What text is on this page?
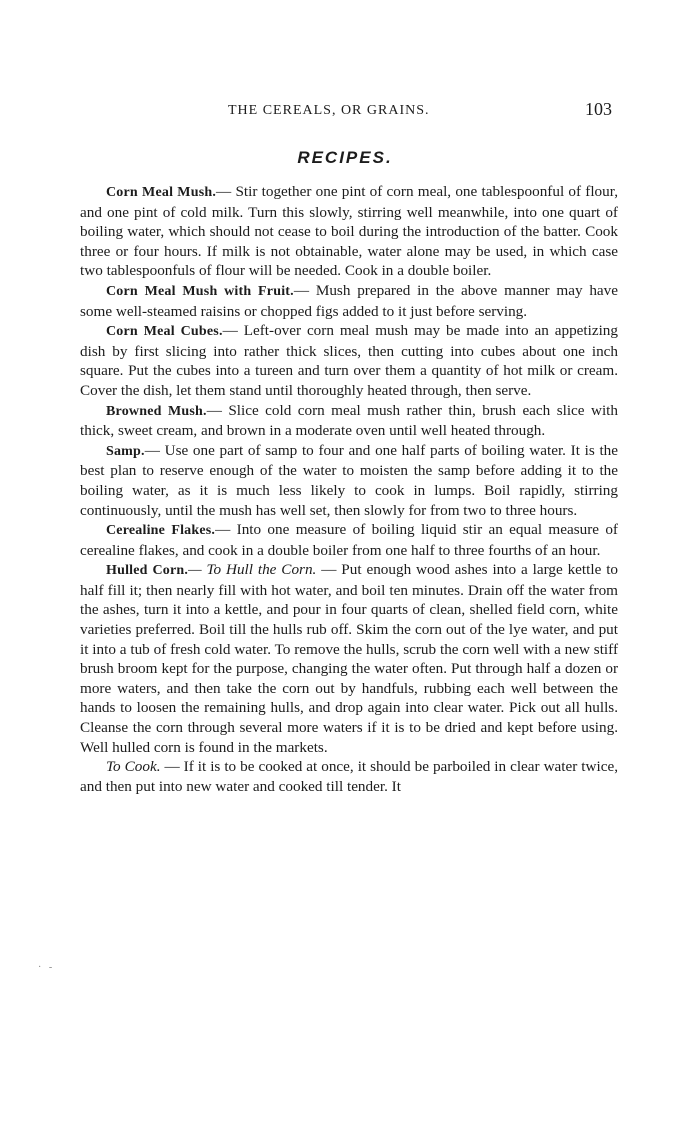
THE CEREALS, OR GRAINS.	103
RECIPES.

Corn Meal Mush.— Stir together one pint of corn meal, one tablespoonful of flour, and one pint of cold milk. Turn this slowly, stirring well meanwhile, into one quart of boiling water, which should not cease to boil during the introduction of the batter. Cook three or four hours. If milk is not obtainable, water alone may be used, in which case two tablespoonfuls of flour will be needed. Cook in a double boiler.

Corn Meal Mush with Fruit.— Mush prepared in the above manner may have some well-steamed raisins or chopped figs added to it just before serving.

Corn Meal Cubes.— Left-over corn meal mush may be made into an appetizing dish by first slicing into rather thick slices, then cutting into cubes about one inch square. Put the cubes into a tureen and turn over them a quantity of hot milk or cream. Cover the dish, let them stand until thoroughly heated through, then serve.

Browned Mush.— Slice cold corn meal mush rather thin, brush each slice with thick, sweet cream, and brown in a moderate oven until well heated through.

Samp.— Use one part of samp to four and one half parts of boiling water. It is the best plan to reserve enough of the water to moisten the samp before adding it to the boiling water, as it is much less likely to cook in lumps. Boil rapidly, stirring continuously, until the mush has well set, then slowly for from two to three hours.

Cerealine Flakes.— Into one measure of boiling liquid stir an equal measure of cerealine flakes, and cook in a double boiler from one half to three fourths of an hour.

Hulled Corn.— To Hull the Corn. — Put enough wood ashes into a large kettle to half fill it; then nearly fill with hot water, and boil ten minutes. Drain off the water from the ashes, turn it into a kettle, and pour in four quarts of clean, shelled field corn, white varieties preferred. Boil till the hulls rub off. Skim the corn out of the lye water, and put it into a tub of fresh cold water. To remove the hulls, scrub the corn well with a new stiff brush broom kept for the purpose, changing the water often. Put through half a dozen or more waters, and then take the corn out by handfuls, rubbing each well between the hands to loosen the remaining hulls, and drop again into clear water. Pick out all hulls. Cleanse the corn through several more waters if it is to be dried and kept before using. Well hulled corn is found in the markets.

To Cook. — If it is to be cooked at once, it should be parboiled in clear water twice, and then put into new water and cooked till tender. It

·   ‐
